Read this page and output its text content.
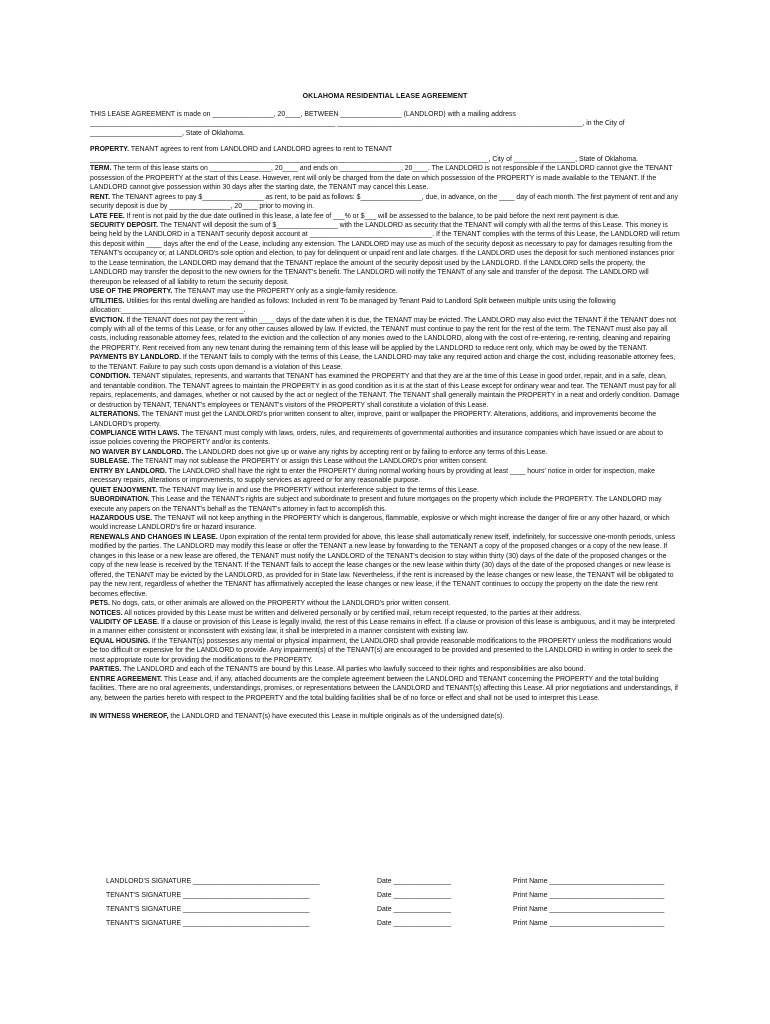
OKLAHOMA RESIDENTIAL LEASE AGREEMENT

THIS LEASE AGREEMENT is made on ________________, 20____, BETWEEN ________________ (LANDLORD) with a mailing address ________________________________________________________________ ________________________________________________________________, in the City of ________________________, State of Oklahoma.

PROPERTY. TENANT agrees to rent from LANDLORD and LANDLORD agrees to rent to TENANT ________________________________________________________________________________________________________, City of ________________, State of Oklahoma.

TERM. The term of this lease starts on ________________, 20____ and ends on ________________, 20____. The LANDLORD is not responsible if the LANDLORD cannot give the TENANT possession of the PROPERTY at the start of this Lease. However, rent will only be charged from the date on which possession of the PROPERTY is made available to the TENANT. If the LANDLORD cannot give possession within 30 days after the starting date, the TENANT may cancel this Lease.

RENT. The TENANT agrees to pay $________________ as rent, to be paid as follows: $________________, due, in advance, on the ____ day of each month. The first payment of rent and any security deposit is due by ________________, 20____ prior to moving in.

LATE FEE. If rent is not paid by the due date outlined in this lease, a late fee of ___% or $___ will be assessed to the balance, to be paid before the next rent payment is due.

SECURITY DEPOSIT. The TENANT will deposit the sum of $________________ with the LANDLORD as security that the TENANT will comply with all the terms of this Lease. This money is being held by the LANDLORD in a TENANT security deposit account at ________________________________. If the TENANT complies with the terms of this Lease, the LANDLORD will return this deposit within ____ days after the end of the Lease, including any extension. The LANDLORD may use as much of the security deposit as necessary to pay for damages resulting from the TENANT's occupancy or, at LANDLORD's sole option and election, to pay for delinquent or unpaid rent and late charges. If the LANDLORD uses the deposit for such mentioned instances prior to the Lease termination, the LANDLORD may demand that the TENANT replace the amount of the security deposit used by the LANDLORD. If the LANDLORD sells the property, the LANDLORD may transfer the deposit to the new owners for the TENANT's benefit. The LANDLORD will notify the TENANT of any sale and transfer of the deposit. The LANDLORD will thereupon be released of all liability to return the security deposit.

USE OF THE PROPERTY. The TENANT may use the PROPERTY only as a single-family residence.

UTILITIES. Utilities for this rental dwelling are handled as follows: Included in rent To be managed by Tenant Paid to Landlord Split between multiple units using the following allocation:________________________________.

EVICTION. If the TENANT does not pay the rent within ____ days of the date when it is due, the TENANT may be evicted. The LANDLORD may also evict the TENANT if the TENANT does not comply with all of the terms of this Lease, or for any other causes allowed by law. If evicted, the TENANT must continue to pay the rent for the rest of the term. The TENANT must also pay all costs, including reasonable attorney fees, related to the eviction and the collection of any monies owed to the LANDLORD, along with the cost of re-entering, re-renting, cleaning and repairing the PROPERTY. Rent received from any new tenant during the remaining term of this lease will be applied by the LANDLORD to reduce rent only, which may be owed by the TENANT.

PAYMENTS BY LANDLORD. If the TENANT fails to comply with the terms of this Lease, the LANDLORD may take any required action and charge the cost, including reasonable attorney fees, to the TENANT. Failure to pay such costs upon demand is a violation of this Lease.

CONDITION. TENANT stipulates, represents, and warrants that TENANT has examined the PROPERTY and that they are at the time of this Lease in good order, repair, and in a safe, clean, and tenantable condition. The TENANT agrees to maintain the PROPERTY in as good condition as it is at the start of this Lease except for ordinary wear and tear. The TENANT must pay for all repairs, replacements, and damages, whether or not caused by the act or neglect of the TENANT. The TENANT shall generally maintain the PROPERTY in a neat and orderly condition. Damage or destruction by TENANT, TENANT's employees or TENANT's visitors of the PROPERTY shall constitute a violation of this Lease.

ALTERATIONS. The TENANT must get the LANDLORD's prior written consent to alter, improve, paint or wallpaper the PROPERTY. Alterations, additions, and improvements become the LANDLORD's property.

COMPLIANCE WITH LAWS. The TENANT must comply with laws, orders, rules, and requirements of governmental authorities and insurance companies which have issued or are about to issue policies covering the PROPERTY and/or its contents.

NO WAIVER BY LANDLORD. The LANDLORD does not give up or waive any rights by accepting rent or by failing to enforce any terms of this Lease.

SUBLEASE. The TENANT may not sublease the PROPERTY or assign this Lease without the LANDLORD's prior written consent.

ENTRY BY LANDLORD. The LANDLORD shall have the right to enter the PROPERTY during normal working hours by providing at least ____ hours' notice in order for inspection, make necessary repairs, alterations or improvements, to supply services as agreed or for any reasonable purpose.

QUIET ENJOYMENT. The TENANT may live in and use the PROPERTY without interference subject to the terms of this Lease.

SUBORDINATION. This Lease and the TENANT's rights are subject and subordinate to present and future mortgages on the property which include the PROPERTY. The LANDLORD may execute any papers on the TENANT's behalf as the TENANT's attorney in fact to accomplish this.

HAZARDOUS USE. The TENANT will not keep anything in the PROPERTY which is dangerous, flammable, explosive or which might increase the danger of fire or any other hazard, or which would increase LANDLORD's fire or hazard insurance.

RENEWALS AND CHANGES IN LEASE. Upon expiration of the rental term provided for above, this lease shall automatically renew itself, indefinitely, for successive one-month periods, unless modified by the parties. The LANDLORD may modify this lease or offer the TENANT a new lease by forwarding to the TENANT a copy of the proposed changes or a copy of the new lease. If changes in this lease or a new lease are offered, the TENANT must notify the LANDLORD of the TENANT's decision to stay within thirty (30) days of the date of the proposed changes or the copy of the new lease is received by the TENANT. If the TENANT fails to accept the lease changes or the new lease within thirty (30) days of the date of the proposed changes or new lease is offered, the TENANT may be evicted by the LANDLORD, as provided for in State law. Nevertheless, if the rent is increased by the lease changes or new lease, the TENANT will be obligated to pay the new rent, regardless of whether the TENANT has affirmatively accepted the lease changes or new lease, if the TENANT continues to occupy the property on the date the new rent becomes effective.

PETS. No dogs, cats, or other animals are allowed on the PROPERTY without the LANDLORD's prior written consent.

NOTICES. All notices provided by this Lease must be written and delivered personally or by certified mail, return receipt requested, to the parties at their address.

VALIDITY OF LEASE. If a clause or provision of this Lease is legally invalid, the rest of this Lease remains in effect. If a clause or provision of this lease is ambiguous, and it may be interpreted in a manner either consistent or inconsistent with existing law, it shall be interpreted in a manner consistent with existing law.

EQUAL HOUSING. If the TENANT(s) possesses any mental or physical impairment, the LANDLORD shall provide reasonable modifications to the PROPERTY unless the modifications would be too difficult or expensive for the LANDLORD to provide. Any impairment(s) of the TENANT(s) are encouraged to be provided and presented to the LANDLORD in writing in order to seek the most appropriate route for providing the modifications to the PROPERTY.

PARTIES. The LANDLORD and each of the TENANTS are bound by this Lease. All parties who lawfully succeed to their rights and responsibilities are also bound.

ENTIRE AGREEMENT. This Lease and, if any, attached documents are the complete agreement between the LANDLORD and TENANT concerning the PROPERTY and the total building facilities. There are no oral agreements, understandings, promises, or representations between the LANDLORD and TENANT(s) affecting this Lease. All prior negotiations and understandings, if any, between the parties hereto with respect to the PROPERTY and the total building facilities shall be of no force or effect and shall not be used to interpret this Lease.

IN WITNESS WHEREOF, the LANDLORD and TENANT(s) have executed this Lease in multiple originals as of the undersigned date(s).

LANDLORD'S SIGNATURE _________________________________	Date _______________	Print Name ______________________________
TENANT'S SIGNATURE _________________________________	Date _______________	Print Name ______________________________
TENANT'S SIGNATURE _________________________________	Date _______________	Print Name ______________________________
TENANT'S SIGNATURE _________________________________	Date _______________	Print Name ______________________________
